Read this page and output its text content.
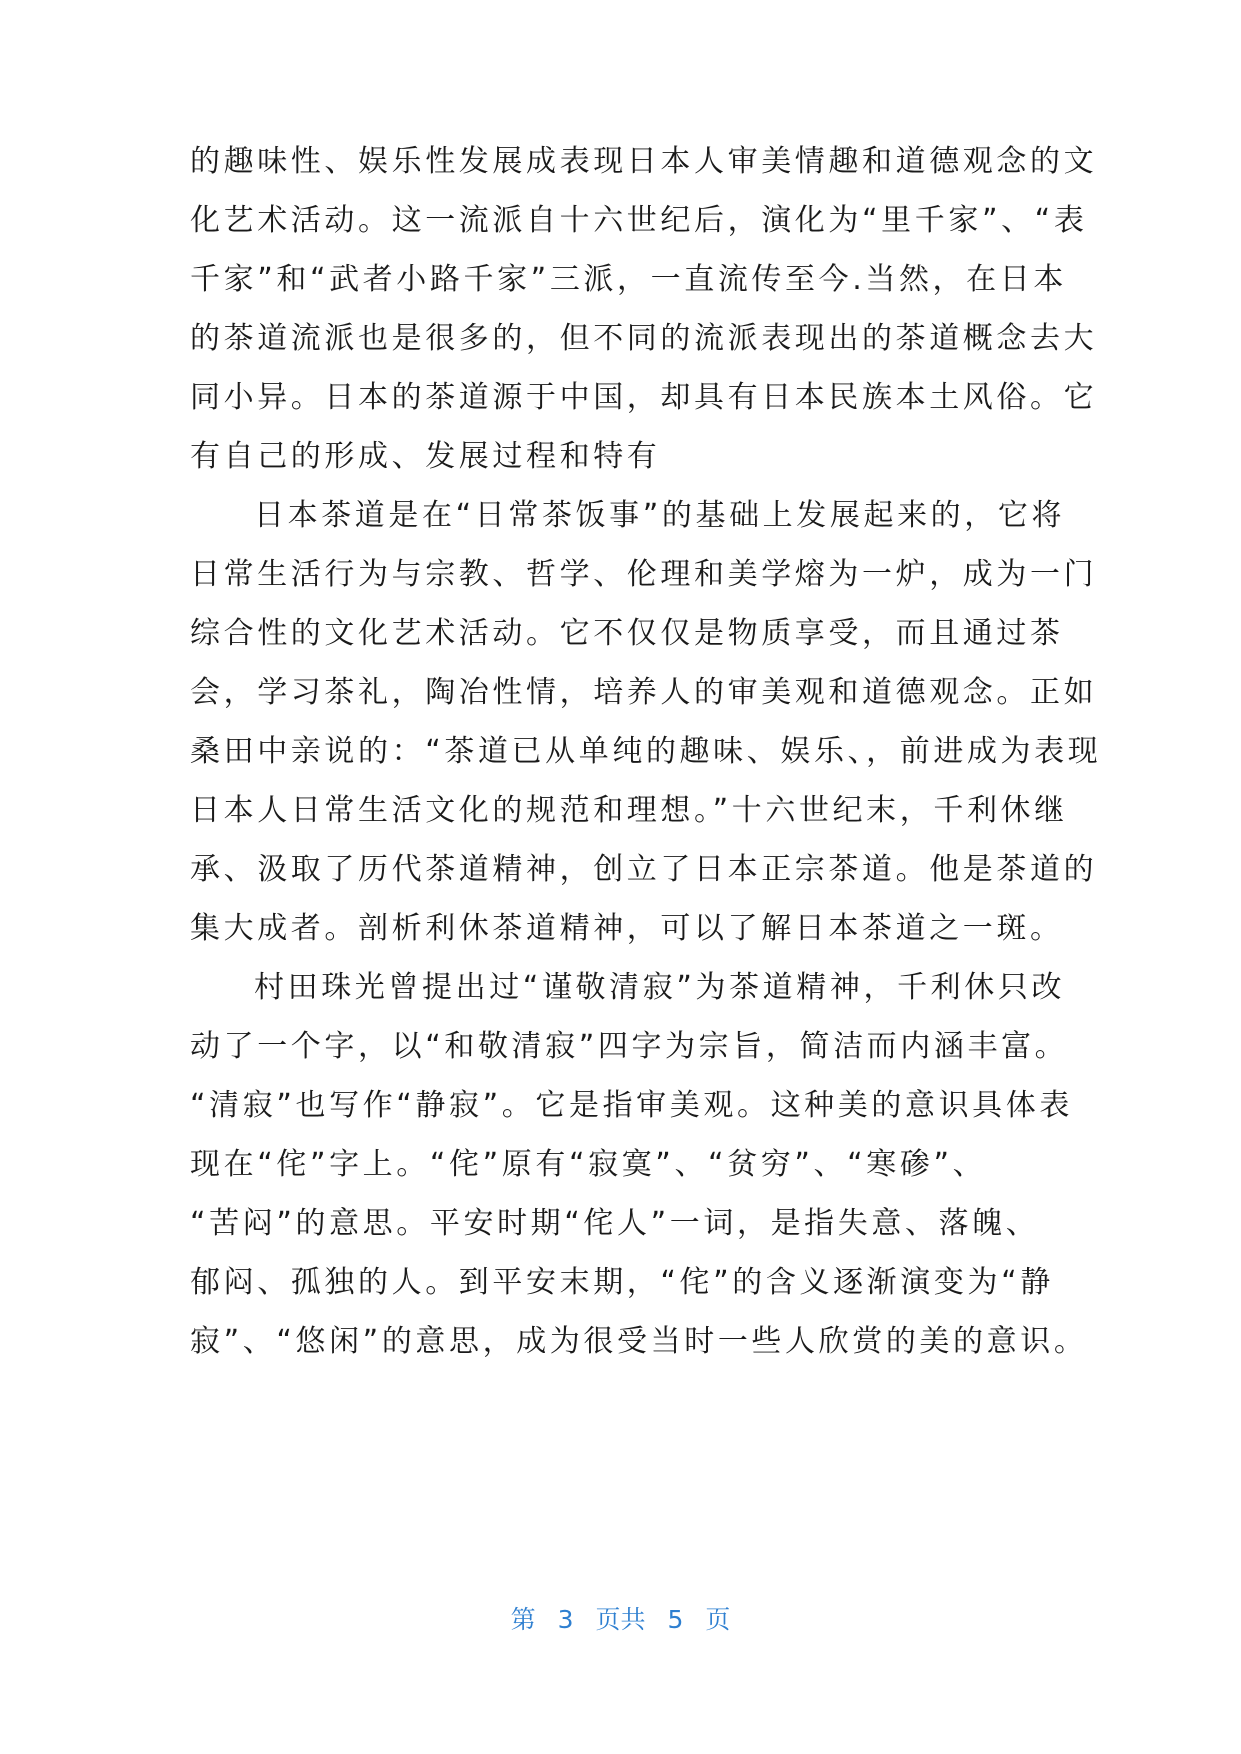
的趣味性、娱乐性发展成表现日本人审美情趣和道德观念的文
化艺术活动。这一流派自十六世纪后，演化为“里千家”、“表
千家”和“武者小路千家”三派，一直流传至今.当然，在日本
的茶道流派也是很多的，但不同的流派表现出的茶道概念去大
同小异。日本的茶道源于中国，却具有日本民族本土风俗。它
有自己的形成、发展过程和特有
日本茶道是在“日常茶饭事”的基础上发展起来的，它将
日常生活行为与宗教、哲学、伦理和美学熔为一炉，成为一门
综合性的文化艺术活动。它不仅仅是物质享受，而且通过茶
会，学习茶礼，陶冶性情，培养人的审美观和道德观念。正如
桑田中亲说的：“茶道已从单纯的趣味、娱乐、，前进成为表现
日本人日常生活文化的规范和理想。”十六世纪末，千利休继
承、汲取了历代茶道精神，创立了日本正宗茶道。他是茶道的
集大成者。剖析利休茶道精神，可以了解日本茶道之一斑。
村田珠光曾提出过“谨敬清寂”为茶道精神，千利休只改
动了一个字，以“和敬清寂”四字为宗旨，简洁而内涵丰富。
“清寂”也写作“静寂”。它是指审美观。这种美的意识具体表
现在“侘”字上。“侘”原有“寂寞”、“贫穷”、“寒碜”、
“苦闷”的意思。平安时期“侘人”一词，是指失意、落魄、
郁闷、孤独的人。到平安末期，“侘”的含义逐渐演变为“静
寂”、“悠闲”的意思，成为很受当时一些人欣赏的美的意识。
第 3 页共 5 页
